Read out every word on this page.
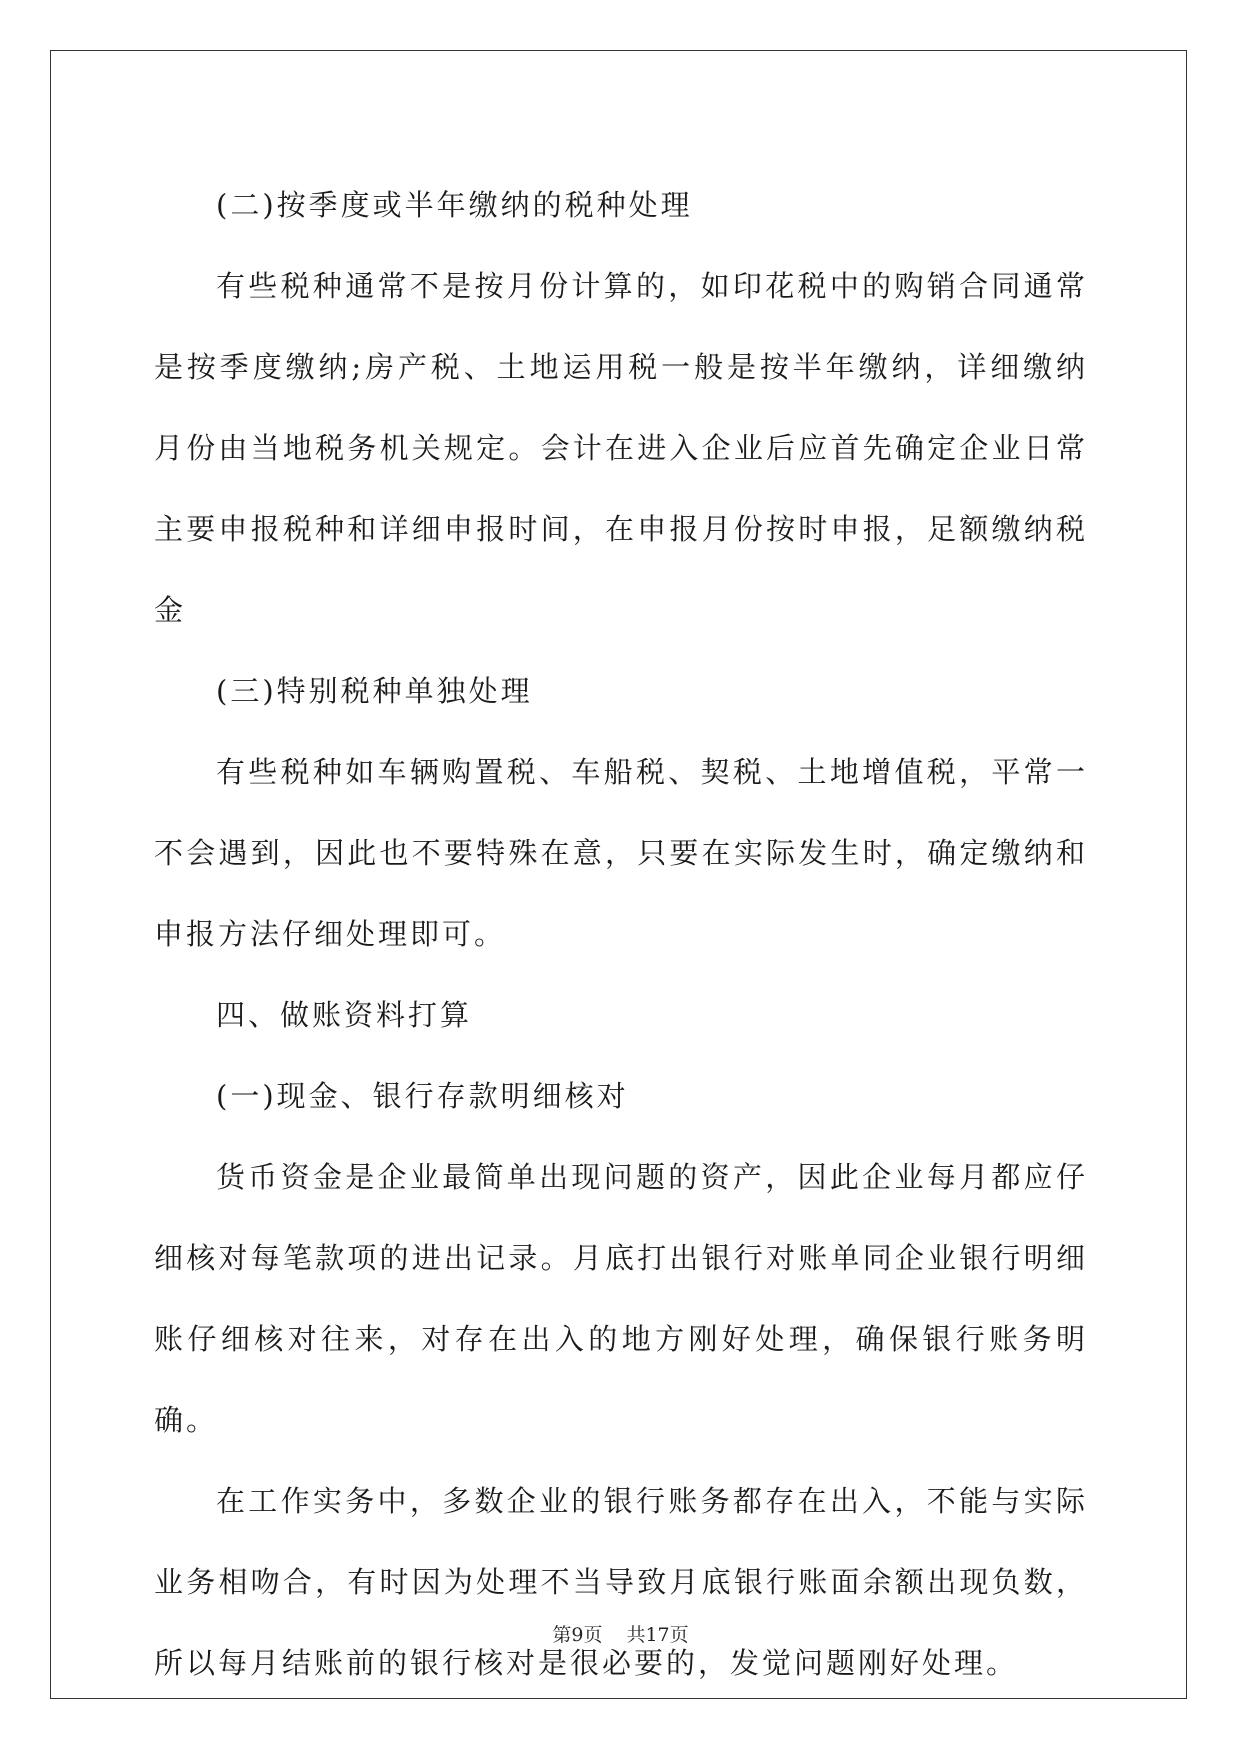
(二)按季度或半年缴纳的税种处理

有些税种通常不是按月份计算的，如印花税中的购销合同通常是按季度缴纳;房产税、土地运用税一般是按半年缴纳，详细缴纳月份由当地税务机关规定。会计在进入企业后应首先确定企业日常主要申报税种和详细申报时间，在申报月份按时申报，足额缴纳税金

(三)特别税种单独处理

有些税种如车辆购置税、车船税、契税、土地增值税，平常一不会遇到，因此也不要特殊在意，只要在实际发生时，确定缴纳和申报方法仔细处理即可。

四、做账资料打算

(一)现金、银行存款明细核对

货币资金是企业最简单出现问题的资产，因此企业每月都应仔细核对每笔款项的进出记录。月底打出银行对账单同企业银行明细账仔细核对往来，对存在出入的地方刚好处理，确保银行账务明确。

在工作实务中，多数企业的银行账务都存在出入，不能与实际业务相吻合，有时因为处理不当导致月底银行账面余额出现负数，所以每月结账前的银行核对是很必要的，发觉问题刚好处理。

第9页 共17页
